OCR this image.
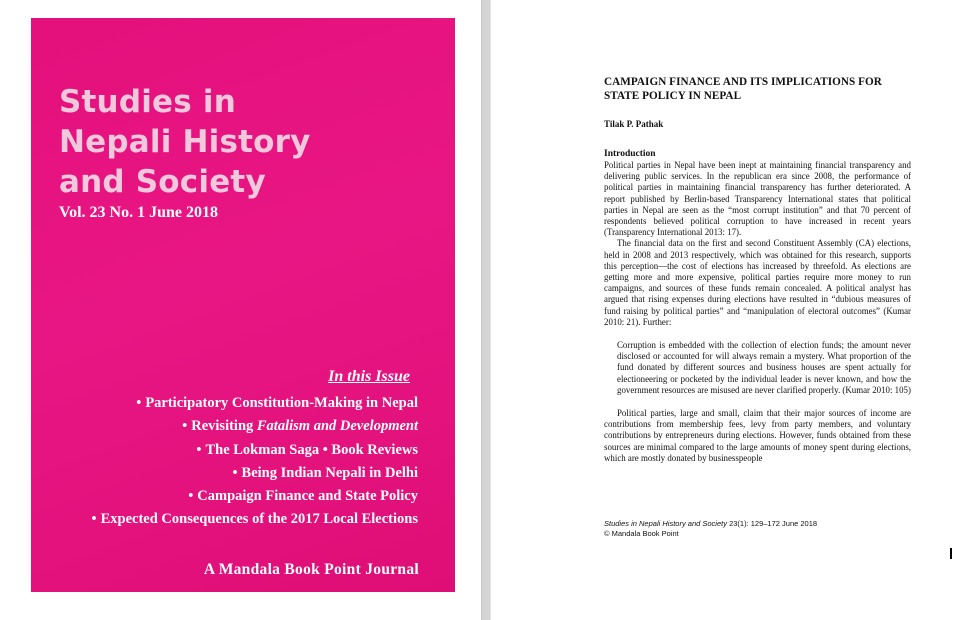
Studies in
Nepali History
and Society
Vol. 23 No. 1 June 2018
In this Issue
• Participatory Constitution-Making in Nepal
• Revisiting Fatalism and Development
• The Lokman Saga • Book Reviews
• Being Indian Nepali in Delhi
• Campaign Finance and State Policy
• Expected Consequences of the 2017 Local Elections
A Mandala Book Point Journal
CAMPAIGN FINANCE AND ITS IMPLICATIONS FOR
STATE POLICY IN NEPAL
Tilak P. Pathak
Introduction

Political parties in Nepal have been inept at maintaining financial transparency and delivering public services. In the republican era since 2008, the performance of political parties in maintaining financial transparency has further deteriorated. A report published by Berlin-based Transparency International states that political parties in Nepal are seen as the “most corrupt institution” and that 70 percent of respondents believed political corruption to have increased in recent years (Transparency International 2013: 17).

The financial data on the first and second Constituent Assembly (CA) elections, held in 2008 and 2013 respectively, which was obtained for this research, supports this perception—the cost of elections has increased by threefold. As elections are getting more and more expensive, political parties require more money to run campaigns, and sources of these funds remain concealed. A political analyst has argued that rising expenses during elections have resulted in “dubious measures of fund raising by political parties” and “manipulation of electoral outcomes” (Kumar 2010: 21). Further:

Corruption is embedded with the collection of election funds; the amount never disclosed or accounted for will always remain a mystery. What proportion of the fund donated by different sources and business houses are spent actually for electioneering or pocketed by the individual leader is never known, and how the government resources are misused are never clarified properly. (Kumar 2010: 105)

Political parties, large and small, claim that their major sources of income are contributions from membership fees, levy from party members, and voluntary contributions by entrepreneurs during elections. However, funds obtained from these sources are minimal compared to the large amounts of money spent during elections, which are mostly donated by businesspeople

Studies in Nepali History and Society 23(1): 129–172 June 2018
© Mandala Book Point
